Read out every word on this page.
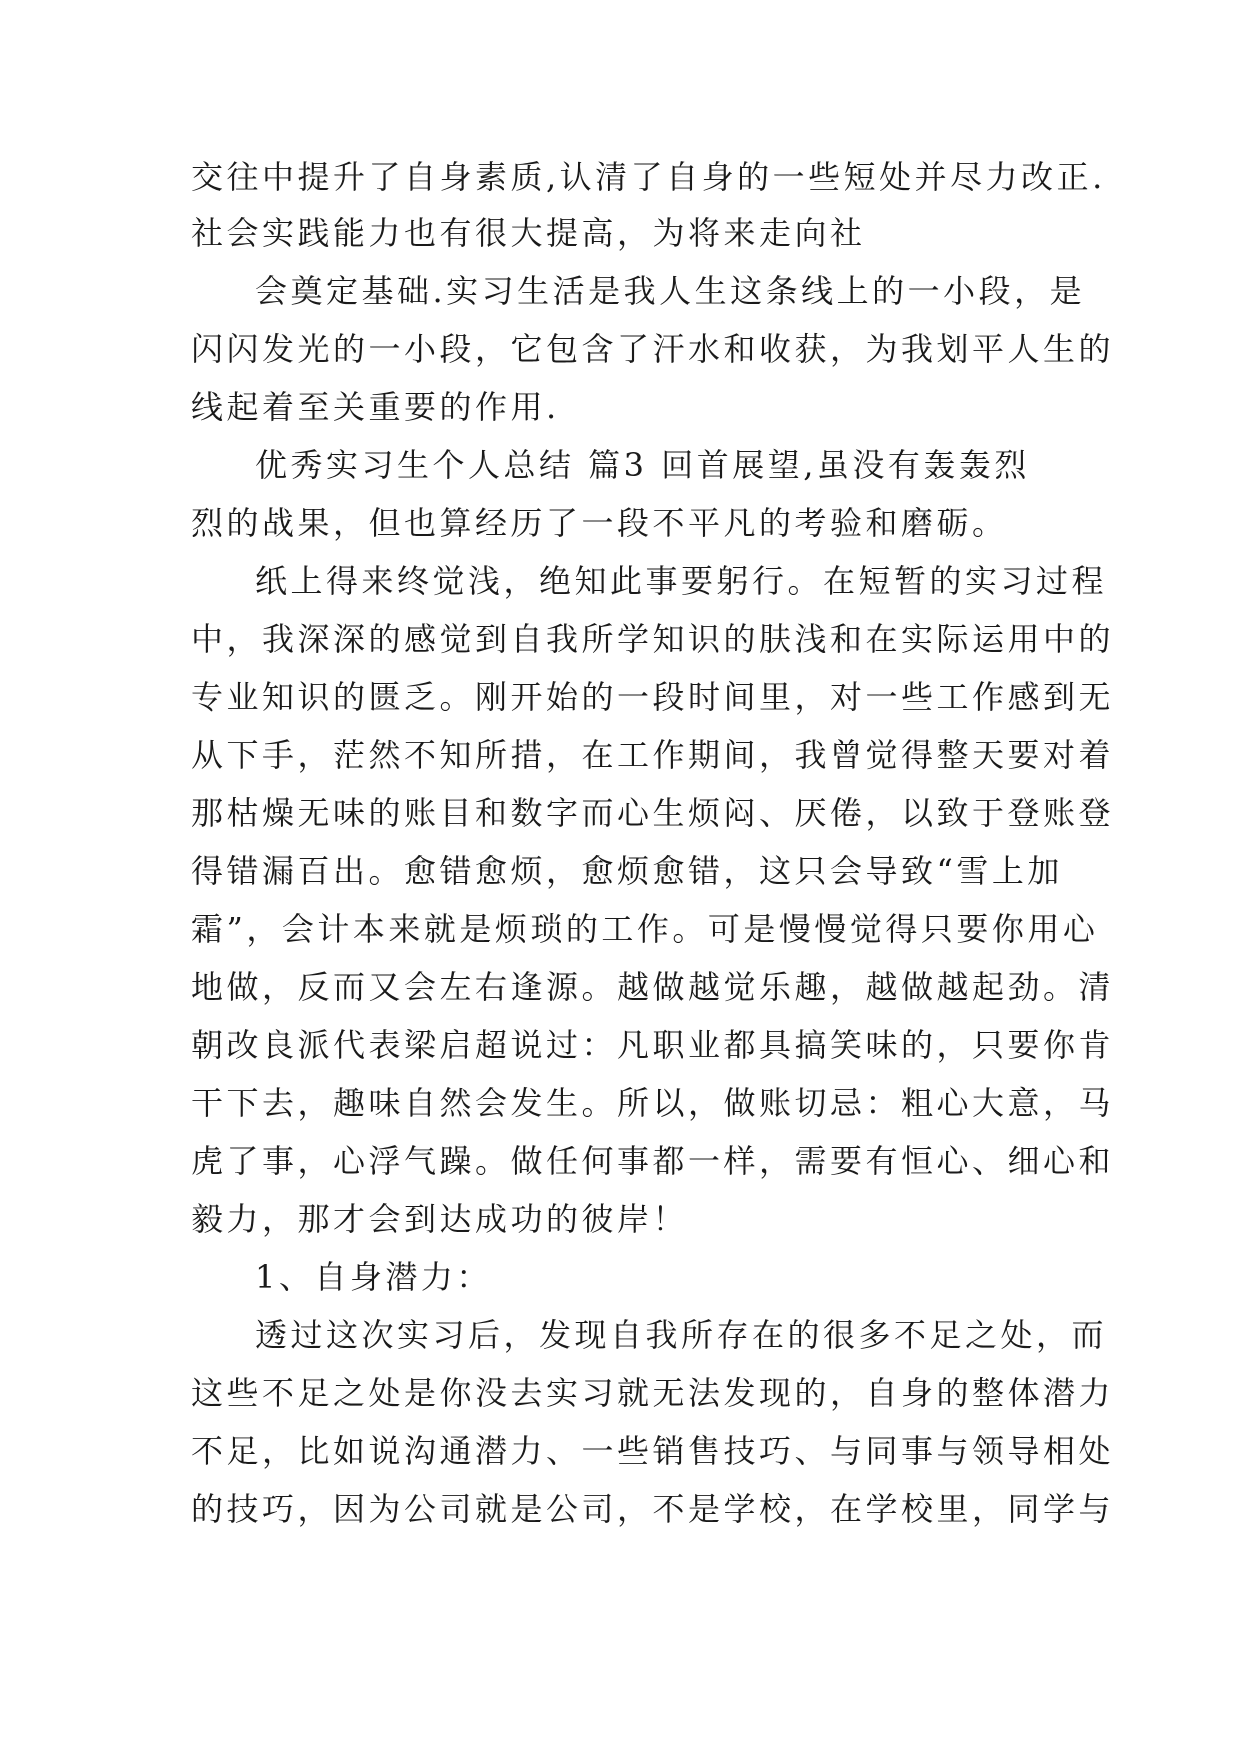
交往中提升了自身素质,认清了自身的一些短处并尽力改正.
社会实践能力也有很大提高，为将来走向社
会奠定基础.实习生活是我人生这条线上的一小段，是
闪闪发光的一小段，它包含了汗水和收获，为我划平人生的
线起着至关重要的作用.
优秀实习生个人总结 篇3 回首展望,虽没有轰轰烈
烈的战果，但也算经历了一段不平凡的考验和磨砺。
纸上得来终觉浅，绝知此事要躬行。在短暂的实习过程
中，我深深的感觉到自我所学知识的肤浅和在实际运用中的
专业知识的匮乏。刚开始的一段时间里，对一些工作感到无
从下手，茫然不知所措，在工作期间，我曾觉得整天要对着
那枯燥无味的账目和数字而心生烦闷、厌倦，以致于登账登
得错漏百出。愈错愈烦，愈烦愈错，这只会导致“雪上加
霜”，会计本来就是烦琐的工作。可是慢慢觉得只要你用心
地做，反而又会左右逢源。越做越觉乐趣，越做越起劲。清
朝改良派代表梁启超说过：凡职业都具搞笑味的，只要你肯
干下去，趣味自然会发生。所以，做账切忌：粗心大意，马
虎了事，心浮气躁。做任何事都一样，需要有恒心、细心和
毅力，那才会到达成功的彼岸！
1、自身潜力：
透过这次实习后，发现自我所存在的很多不足之处，而
这些不足之处是你没去实习就无法发现的，自身的整体潜力
不足，比如说沟通潜力、一些销售技巧、与同事与领导相处
的技巧，因为公司就是公司，不是学校，在学校里，同学与
